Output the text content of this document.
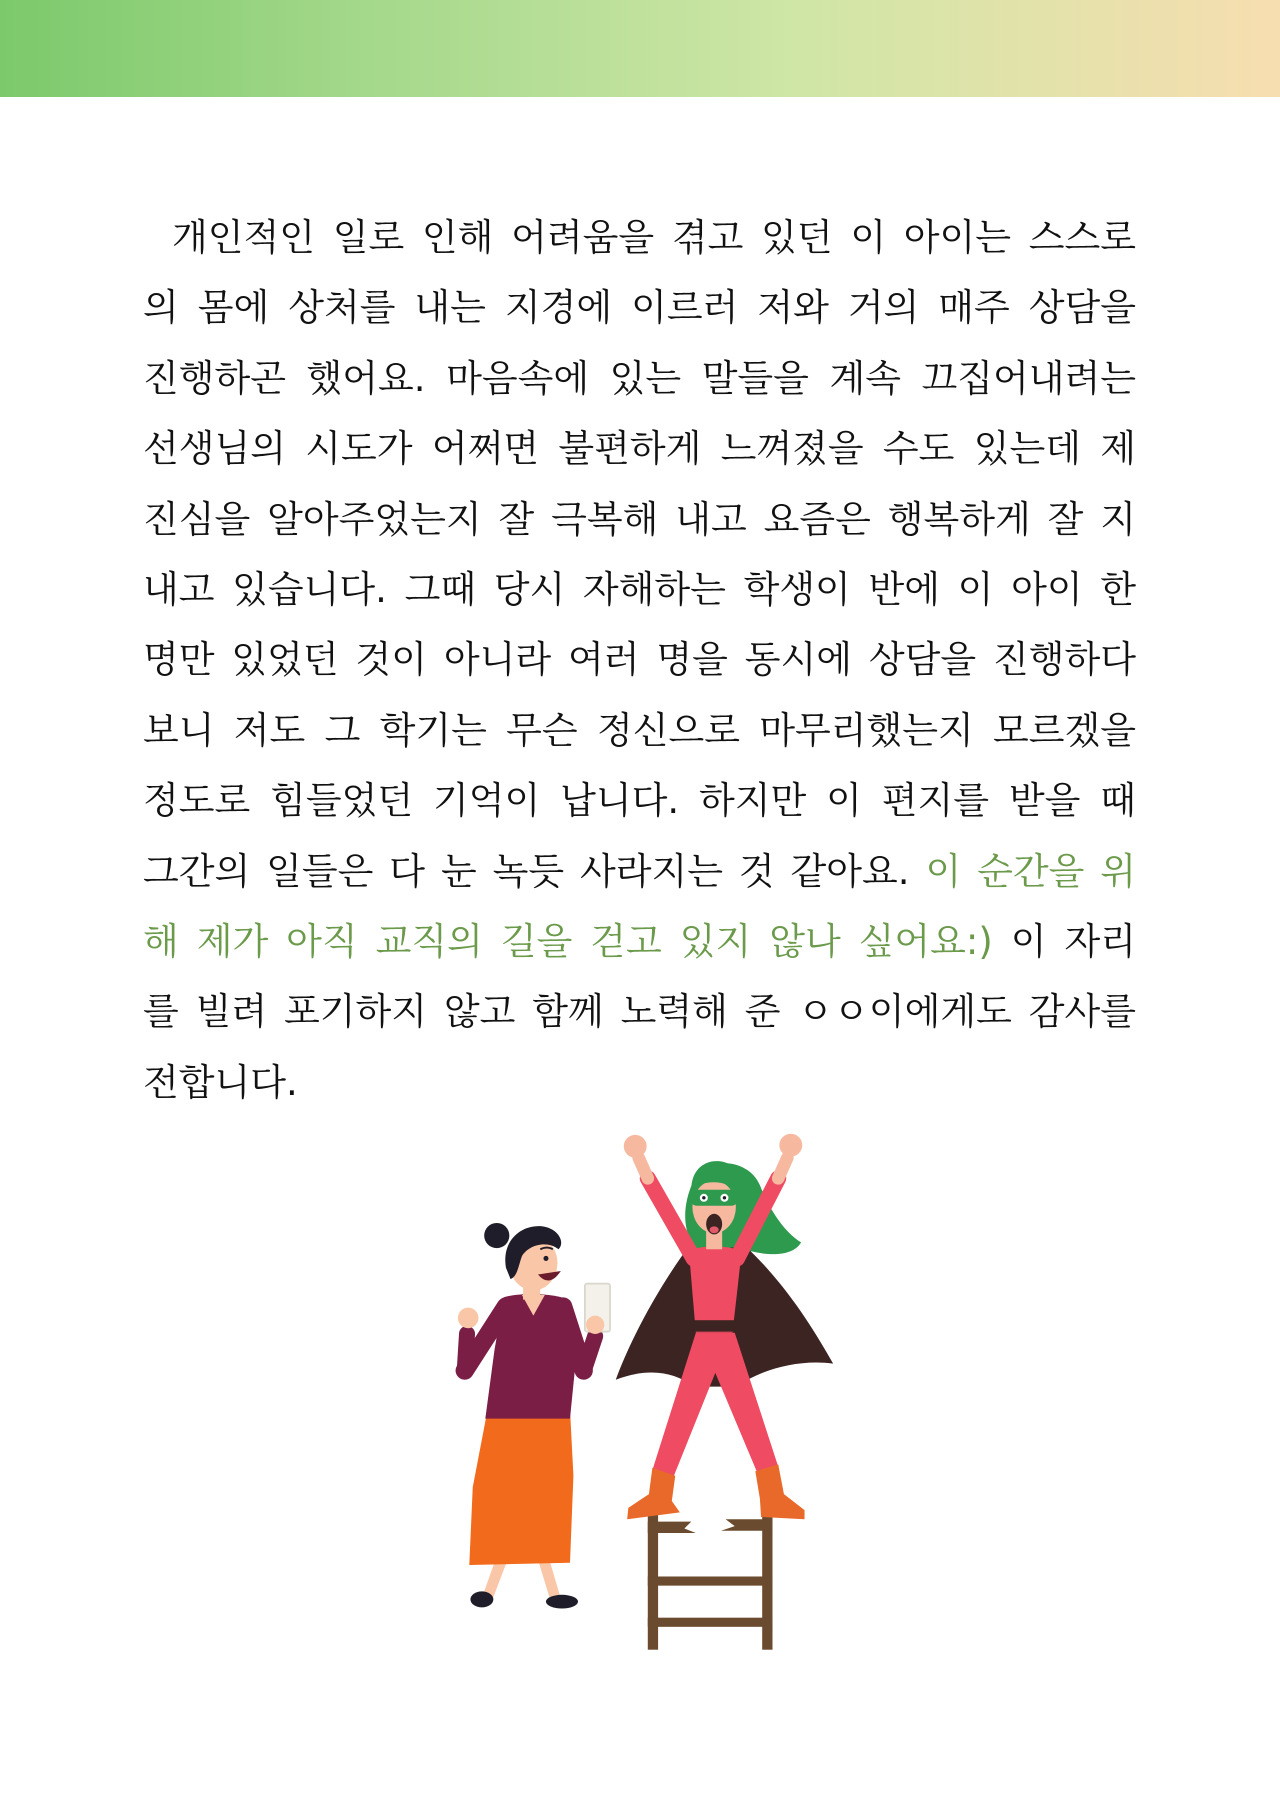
개인적인 일로 인해 어려움을 겪고 있던 이 아이는 스스로
의 몸에 상처를 내는 지경에 이르러 저와 거의 매주 상담을
진행하곤 했어요. 마음속에 있는 말들을 계속 끄집어내려는
선생님의 시도가 어쩌면 불편하게 느껴졌을 수도 있는데 제
진심을 알아주었는지 잘 극복해 내고 요즘은 행복하게 잘 지
내고 있습니다. 그때 당시 자해하는 학생이 반에 이 아이 한
명만 있었던 것이 아니라 여러 명을 동시에 상담을 진행하다
보니 저도 그 학기는 무슨 정신으로 마무리했는지 모르겠을
정도로 힘들었던 기억이 납니다. 하지만 이 편지를 받을 때
그간의 일들은 다 눈 녹듯 사라지는 것 같아요. 이 순간을 위
해 제가 아직 교직의 길을 걷고 있지 않나 싶어요:) 이 자리
를 빌려 포기하지 않고 함께 노력해 준 ㅇㅇ이에게도 감사를
전합니다.
